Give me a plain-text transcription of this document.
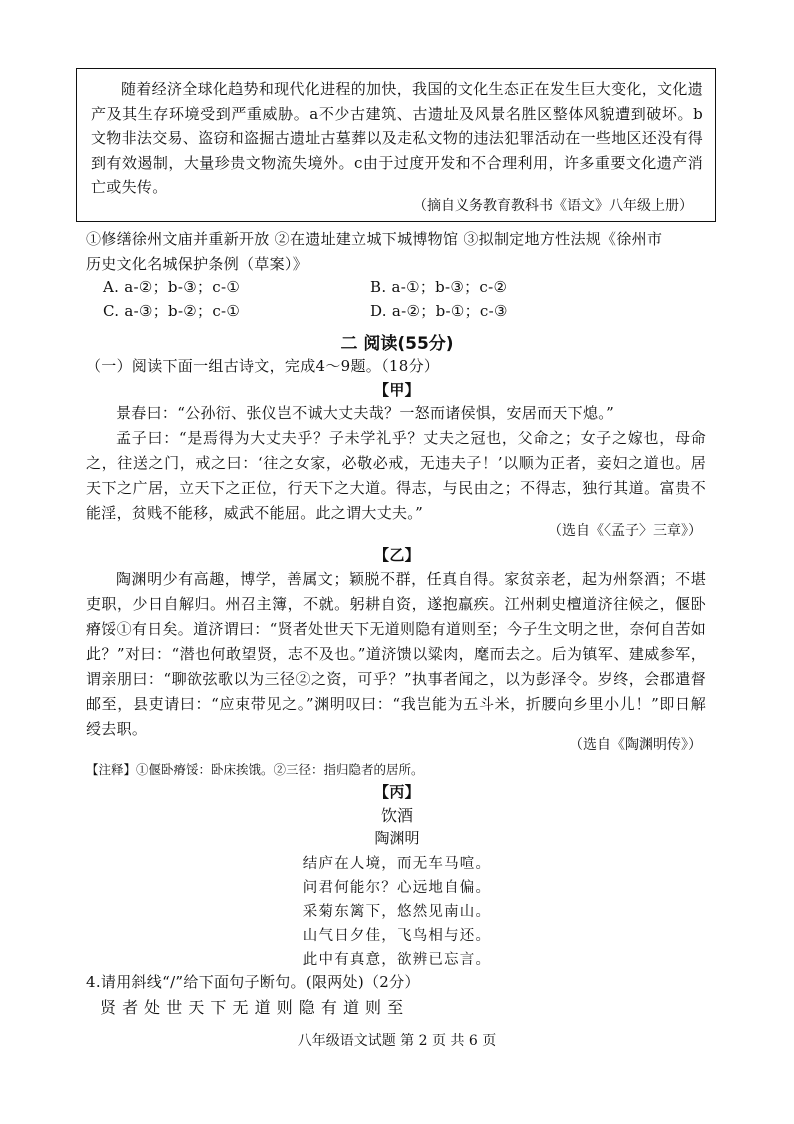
随着经济全球化趋势和现代化进程的加快，我国的文化生态正在发生巨大变化，文化遗产及其生存环境受到严重威胁。a不少古建筑、古遗址及风景名胜区整体风貌遭到破坏。b文物非法交易、盗窃和盗掘古遗址古墓葬以及走私文物的违法犯罪活动在一些地区还没有得到有效遏制，大量珍贵文物流失境外。c由于过度开发和不合理利用，许多重要文化遗产消亡或失传。
（摘自义务教育教科书《语文》八年级上册）
①修缮徐州文庙并重新开放 ②在遗址建立城下城博物馆 ③拟制定地方性法规《徐州市
历史文化名城保护条例（草案）》
A. a-②；b-③；c-①	B. a-①；b-③；c-②
C. a-③；b-②；c-①	D. a-②；b-①；c-③
二 阅读(55分)
（一）阅读下面一组古诗文，完成4～9题。（18分）
【甲】
景春曰：“公孙衍、张仪岂不诚大丈夫哉？一怒而诸侯惧，安居而天下熄。”
孟子曰：“是焉得为大丈夫乎？子未学礼乎？丈夫之冠也，父命之；女子之嫁也，母命之，往送之门，戒之曰：‘往之女家，必敬必戒，无违夫子！’以顺为正者，妾妇之道也。居天下之广居，立天下之正位，行天下之大道。得志，与民由之；不得志，独行其道。富贵不能淫，贫贱不能移，威武不能屈。此之谓大丈夫。”
（选自《〈孟子〉三章》）
【乙】
陶渊明少有高趣，博学，善属文；颖脱不群，任真自得。家贫亲老，起为州祭酒；不堪吏职，少日自解归。州召主簿，不就。躬耕自资，遂抱羸疾。江州刺史檀道济往候之，偃卧瘠馁①有日矣。道济谓曰：“贤者处世天下无道则隐有道则至；今子生文明之世，奈何自苦如此？”对曰：“潜也何敢望贤，志不及也。”道济馈以粱肉，麾而去之。后为镇军、建威参军，谓亲朋曰：“聊欲弦歌以为三径②之资，可乎？”执事者闻之，以为彭泽令。岁终，会郡遣督邮至，县吏请曰：“应束带见之。”渊明叹曰：“我岂能为五斗米，折腰向乡里小儿！”即日解绶去职。
（选自《陶渊明传》）
【注释】①偃卧瘠馁：卧床挨饿。②三径：指归隐者的居所。
【丙】
饮酒
陶渊明
结庐在人境，而无车马喧。
问君何能尔？心远地自偏。
采菊东篱下，悠然见南山。
山气日夕佳，飞鸟相与还。
此中有真意，欲辨已忘言。
4.请用斜线“/”给下面句子断句。(限两处)（2分）
贤 者 处 世 天 下 无 道 则 隐 有 道 则 至
八年级语文试题 第 2 页 共 6 页
